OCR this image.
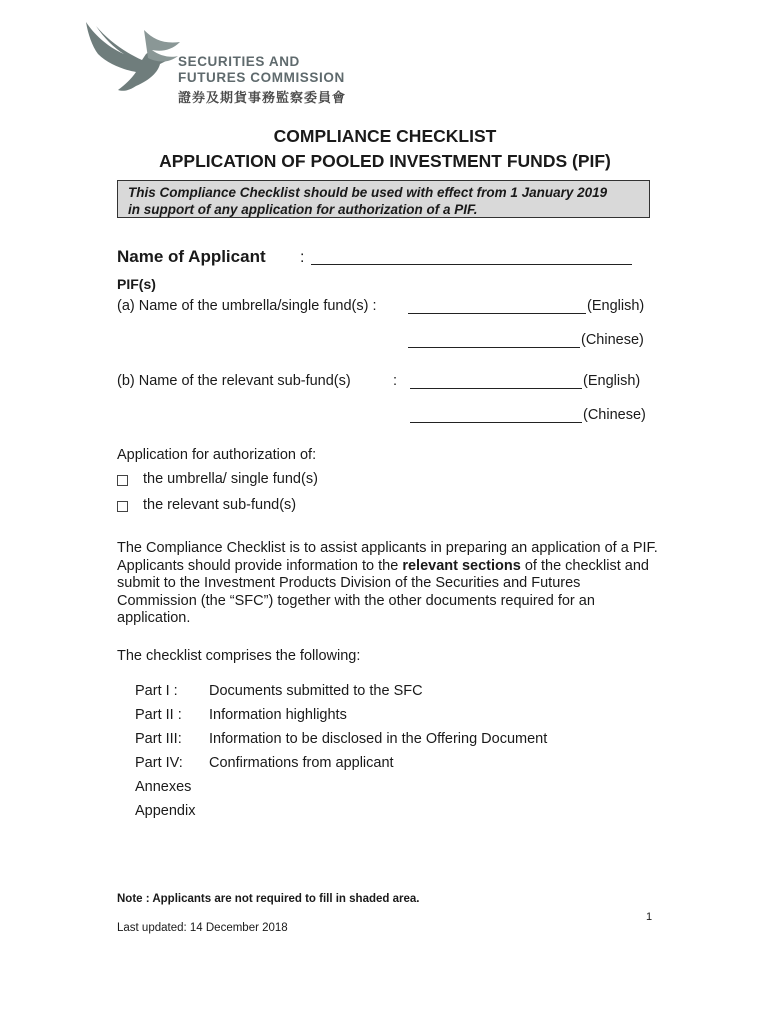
SECURITIES AND
FUTURES COMMISSION
證券及期貨事務監察委員會
COMPLIANCE CHECKLIST
APPLICATION OF POOLED INVESTMENT FUNDS (PIF)
This Compliance Checklist should be used with effect from 1 January 2019
in support of any application for authorization of a PIF.
Name of Applicant :
PIF(s)
(a) Name of the umbrella/single fund(s) :	(English)
(Chinese)
(b) Name of the relevant sub-fund(s)	:	(English)
(Chinese)
Application for authorization of:
the umbrella/ single fund(s)
the relevant sub-fund(s)
The Compliance Checklist is to assist applicants in preparing an application of a PIF. Applicants should provide information to the relevant sections of the checklist and submit to the Investment Products Division of the Securities and Futures Commission (the “SFC”) together with the other documents required for an application.
The checklist comprises the following:
Part I : Documents submitted to the SFC
Part II : Information highlights
Part III: Information to be disclosed in the Offering Document
Part IV: Confirmations from applicant
Annexes
Appendix
Note : Applicants are not required to fill in shaded area.
1
Last updated: 14 December 2018
